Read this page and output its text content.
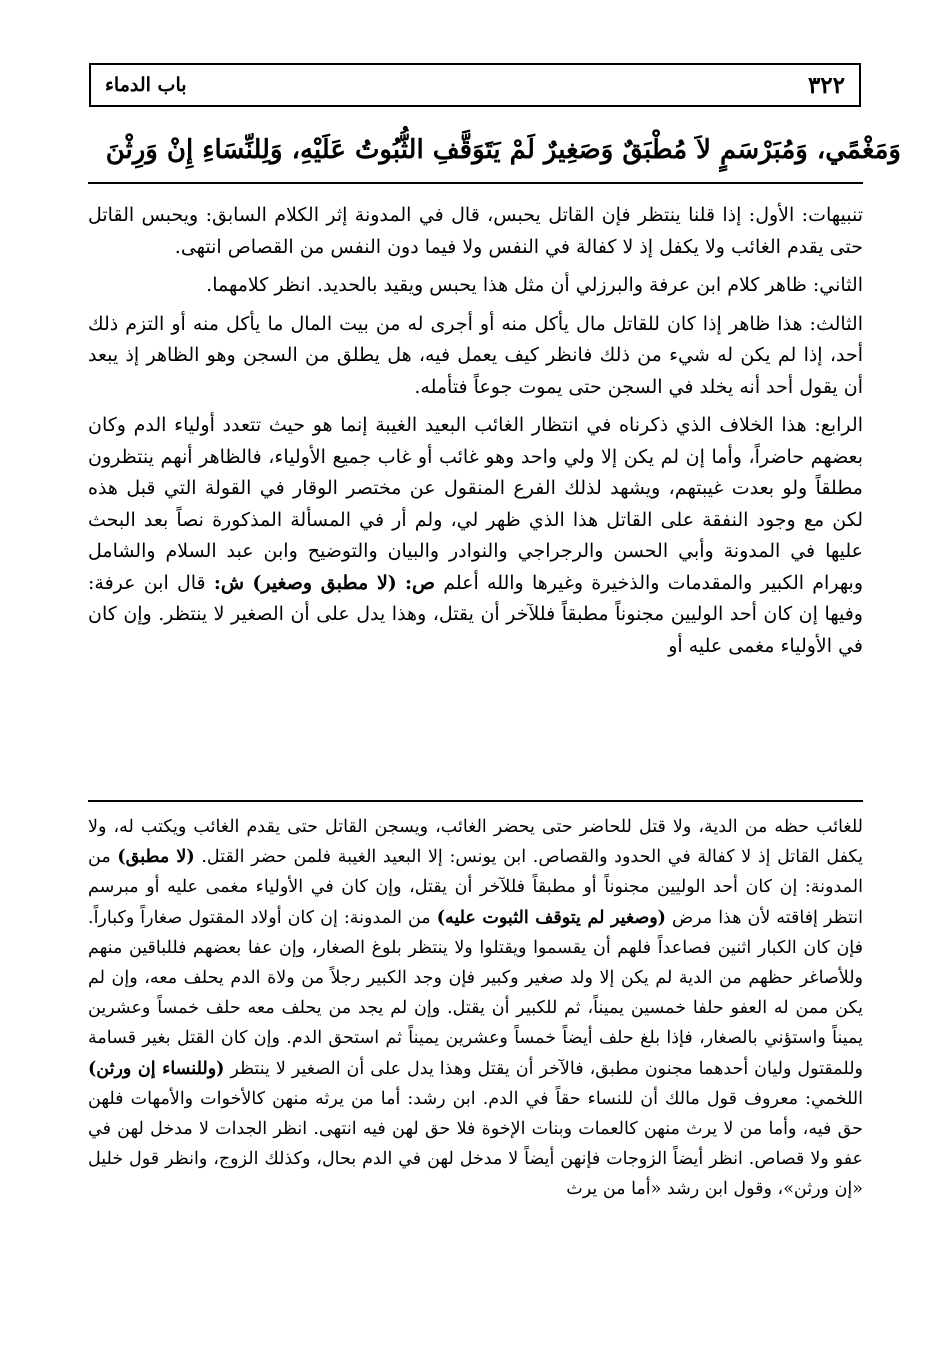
٣٢٢
باب الدماء
وَمَغْمًي، وَمُبَرْسَمٍ لاَ مُطْبَقٌ وَصَغِيرٌ لَمْ يَتَوَقَّفِ الثُّبُوتُ عَلَيْهِ، وَلِلنِّسَاءِ إِنْ وَرِثْنَ

تنبيهات: الأول: إذا قلنا ينتظر فإن القاتل يحبس، قال في المدونة إثر الكلام السابق: ويحبس القاتل حتى يقدم الغائب ولا يكفل إذ لا كفالة في النفس ولا فيما دون النفس من القصاص انتهى.

الثاني: ظاهر كلام ابن عرفة والبرزلي أن مثل هذا يحبس ويقيد بالحديد. انظر كلامهما.

الثالث: هذا ظاهر إذا كان للقاتل مال يأكل منه أو أجرى له من بيت المال ما يأكل منه أو التزم ذلك أحد، إذا لم يكن له شيء من ذلك فانظر كيف يعمل فيه، هل يطلق من السجن وهو الظاهر إذ يبعد أن يقول أحد أنه يخلد في السجن حتى يموت جوعاً فتأمله.

الرابع: هذا الخلاف الذي ذكرناه في انتظار الغائب البعيد الغيبة إنما هو حيث تتعدد أولياء الدم وكان بعضهم حاضراً، وأما إن لم يكن إلا ولي واحد وهو غائب أو غاب جميع الأولياء، فالظاهر أنهم ينتظرون مطلقاً ولو بعدت غيبتهم، ويشهد لذلك الفرع المنقول عن مختصر الوقار في القولة التي قبل هذه لكن مع وجود النفقة على القاتل هذا الذي ظهر لي، ولم أر في المسألة المذكورة نصاً بعد البحث عليها في المدونة وأبي الحسن والرجراجي والنوادر والبيان والتوضيح وابن عبد السلام والشامل وبهرام الكبير والمقدمات والذخيرة وغيرها والله أعلم ص: (لا مطبق وصغير) ش: قال ابن عرفة: وفيها إن كان أحد الوليين مجنوناً مطبقاً فللآخر أن يقتل، وهذا يدل على أن الصغير لا ينتظر. وإن كان في الأولياء مغمى عليه أو

للغائب حظه من الدية، ولا قتل للحاضر حتى يحضر الغائب، ويسجن القاتل حتى يقدم الغائب ويكتب له، ولا يكفل القاتل إذ لا كفالة في الحدود والقصاص. ابن يونس: إلا البعيد الغيبة فلمن حضر القتل. (لا مطبق) من المدونة: إن كان أحد الوليين مجنوناً أو مطبقاً فللآخر أن يقتل، وإن كان في الأولياء مغمى عليه أو مبرسم انتظر إفاقته لأن هذا مرض (وصغير لم يتوقف الثبوت عليه) من المدونة: إن كان أولاد المقتول صغاراً وكباراً. فإن كان الكبار اثنين فصاعداً فلهم أن يقسموا ويقتلوا ولا ينتظر بلوغ الصغار، وإن عفا بعضهم فللباقين منهم وللأصاغر حظهم من الدية لم يكن إلا ولد صغير وكبير فإن وجد الكبير رجلاً من ولاة الدم يحلف معه، وإن لم يكن ممن له العفو حلفا خمسين يميناً، ثم للكبير أن يقتل. وإن لم يجد من يحلف معه حلف خمساً وعشرين يميناً واستؤني بالصغار، فإذا بلغ حلف أيضاً خمساً وعشرين يميناً ثم استحق الدم. وإن كان القتل بغير قسامة وللمقتول وليان أحدهما مجنون مطبق، فالآخر أن يقتل وهذا يدل على أن الصغير لا ينتظر (وللنساء إن ورثن) اللخمي: معروف قول مالك أن للنساء حقاً في الدم. ابن رشد: أما من يرثه منهن كالأخوات والأمهات فلهن حق فيه، وأما من لا يرث منهن كالعمات وبنات الإخوة فلا حق لهن فيه انتهى. انظر الجدات لا مدخل لهن في عفو ولا قصاص. انظر أيضاً الزوجات فإنهن أيضاً لا مدخل لهن في الدم بحال، وكذلك الزوج، وانظر قول خليل «إن ورثن»، وقول ابن رشد «أما من يرث
